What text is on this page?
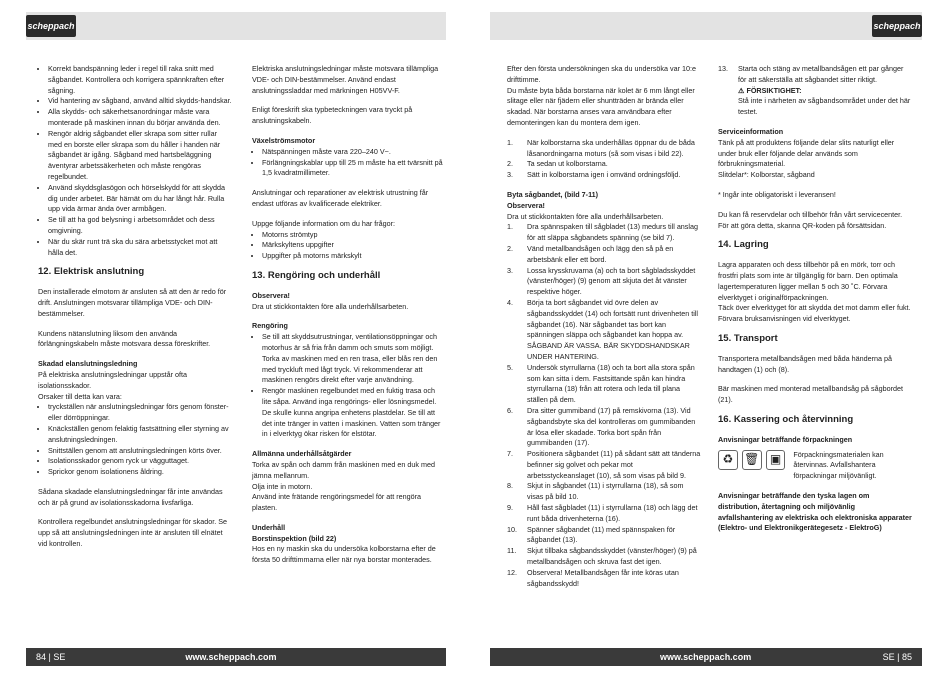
scheppach	scheppach
• Korrekt bandspänning leder i regel till raka snitt med sågbandet. Kontrollera och korrigera spännkraften efter sågning.
• Vid hantering av sågband, använd alltid skydds-handskar.
• Alla skydds- och säkerhetsanordningar måste vara monterade på maskinen innan du börjar använda den.
• Rengör aldrig sågbandet eller skrapa som sitter rullar med en borste eller skrapa som du håller i handen när sågbandet är igång. Sågband med hartsbeläggning äventyrar arbetssäkerheten och måste rengöras regelbundet.
• Använd skyddsglasögon och hörselskydd för att skydda dig under arbetet. Bär härnät om du har långt hår. Rulla upp vida ärmar ända över armbågen.
• Se till att ha god belysning i arbetsområdet och dess omgivning.
• När du skär runt trä ska du sära arbetsstycket mot att hålla det.
12. Elektrisk anslutning

Den installerade elmotorn är ansluten så att den är redo för drift. Anslutningen motsvarar tillämpliga VDE- och DIN-bestämmelser.

Kundens nätanslutning liksom den använda förlängningskabeln måste motsvara dessa föreskrifter.

Skadad elanslutningsledning

På elektriska anslutningsledningar uppstår ofta isolationsskador.

Orsaker till detta kan vara:

• tryckställen när anslutningsledningar förs genom fönster- eller dörröppningar.
• Knäckställen genom felaktig fastsättning eller styrning av anslutningsledningen.
• Snittställen genom att anslutningsledningen körts över.
• Isolationsskador genom ryck ur vägguttaget.
• Sprickor genom isolationens åldring.

Sådana skadade elanslutningsledningar får inte användas och är på grund av isolationsskadorna livsfarliga.

Kontrollera regelbundet anslutningsledningar för skador. Se upp så att anslutningsledningen inte är ansluten till elnätet vid kontrollen.

Elektriska anslutningsledningar måste motsvara tillämpliga VDE- och DIN-bestämmelser. Använd endast anslutningssladdar med märkningen H05VV-F.

Enligt föreskrift ska typbeteckningen vara tryckt på anslutningskabeln.

Växelströmsmotor
• Nätspänningen måste vara 220–240 V~.
• Förlängningskablar upp till 25 m måste ha ett tvärsnitt på 1,5 kvadratmillimeter.

Anslutningar och reparationer av elektrisk utrustning får endast utföras av kvalificerade elektriker.

Uppge följande information om du har frågor:

• Motorns strömtyp
• Märkskyltens uppgifter
• Uppgifter på motorns märkskylt
13. Rengöring och underhåll
Observera!

Dra ut stickkontakten före alla underhållsarbeten.

Rengöring
• Se till att skyddsutrustningar, ventilationsöppningar och motorhus är så fria från damm och smuts som möjligt. Torka av maskinen med en ren trasa, eller blås ren den med tryckluft med lågt tryck. Vi rekommenderar att maskinen rengörs direkt efter varje användning.
• Rengör maskinen regelbundet med en fuktig trasa och lite såpa. Använd inga rengörings- eller lösningsmedel. De skulle kunna angripa enhetens plastdelar. Se till att det inte tränger in vatten i maskinen. Vatten som tränger in i elverktyg ökar risken för elstötar.
Allmänna underhållsåtgärder

Torka av spån och damm från maskinen med en duk med jämna mellanrum.

Olja inte in motorn.

Använd inte frätande rengöringsmedel för att rengöra plasten.

Underhåll
Borstinspektion (bild 22)

Hos en ny maskin ska du undersöka kolborstarna efter de första 50 drifttimmarna eller när nya borstar monterades.

Efter den första undersökningen ska du undersöka var 10:e drifttimme.

Du måste byta båda borstarna när kolet är 6 mm långt eller slitage eller när fjädern eller shuntträden är brända eller skadad. När borstarna anses vara användbara efter demonteringen kan du montera dem igen.

1.	När kolborstarna ska underhållas öppnar du de båda låsanordningarna moturs (så som visas i bild 22).
2.	Ta sedan ut kolborstarna.
3.	Sätt in kolborstarna igen i omvänd ordningsföljd.
Byta sågbandet, (bild 7-11)
Observera!

Dra ut stickkontakten före alla underhållsarbeten.

1.	Dra spännspaken till sågbladet (13) medurs till anslag för att släppa sågbandets spänning (se bild 7).
2.	Vänd metallbandsågen och lägg den så på en arbetsbänk eller ett bord.
3.	Lossa krysskruvarna (a) och ta bort sågbladsskyddet (vänster/höger) (9) genom att skjuta det åt vänster respektive höger.
4.	Börja ta bort sågbandet vid övre delen av sågbandsskyddet (14) och fortsätt runt drivenheten till sågbandet (16). När sågbandet tas bort kan spänningen släppa och sågbandet kan hoppa av. SÅGBAND ÄR VASSA. BÄR SKYDDSHANDSKAR UNDER HANTERING.
5.	Undersök styrrullarna (18) och ta bort alla stora spån som kan sitta i dem. Fastsittande spån kan hindra styrrullarna (18) från att rotera och leda till plana ställen på dem.
6.	Dra sitter gummiband (17) på remskivorna (13). Vid sågbandsbyte ska del kontrolleras om gummibanden är lösa eller skadade. Torka bort spån från gummibanden (17).
7.	Positionera sågbandet (11) på sådant sätt att tänderna befinner sig golvet och pekar mot arbetsstyckeanslaget (10), så som visas på bild 9.
8.	Skjut in sågbandet (11) i styrrullarna (18), så som visas på bild 10.
9.	Håll fast sågbladet (11) i styrrullarna (18) och lägg det runt båda drivenheterna (16).
10.	Spänner sågbandet (11) med spännspaken för sågbandet (13).
11.	Skjut tillbaka sågbandsskyddet (vänster/höger) (9) på metallbandsågen och skruva fast det igen.
12.	Observera! Metallbandsågen får inte köras utan sågbandsskydd!
13.	Starta och stäng av metallbandsågen ett par gånger för att säkerställa att sågbandet sitter riktigt.
⚠ FÖRSIKTIGHET:

Stå inte i närheten av sågbandsområdet under det här testet.

Serviceinformation

Tänk på att produktens följande delar slits naturligt eller under bruk eller följande delar används som förbrukningsmaterial.

Slitdelar*: Kolborstar, sågband

* Ingår inte obligatoriskt i leveransen!

Du kan få reservdelar och tillbehör från vårt servicecenter. För att göra detta, skanna QR-koden på försättsidan.

14. Lagring

Lagra apparaten och dess tillbehör på en mörk, torr och frostfri plats som inte är tillgänglig för barn. Den optimala lagertemperaturen ligger mellan 5 och 30 ˚C. Förvara elverktyget i originalförpackningen.

Täck över elverktyget för att skydda det mot damm eller fukt.

Förvara bruksanvisningen vid elverktyget.

15. Transport

Transportera metallbandsågen med båda händerna på handtagen (1) och (8).

Bär maskinen med monterad metallbandsåg på sågbordet (21).

16. Kassering och återvinning
Anvisningar beträffande förpackningen
♻ 🗑 ▣	Förpackningsmaterialen kan återvinnas. Avfallshantera förpackningar miljövänligt.

Anvisningar beträffande den tyska lagen om distribution, återtagning och miljövänlig avfallshantering av elektriska och elektroniska apparater (Elektro- und Elektronikgerätegesetz - ElektroG)

84 | SE	www.scheppach.com	www.scheppach.com	SE | 85
